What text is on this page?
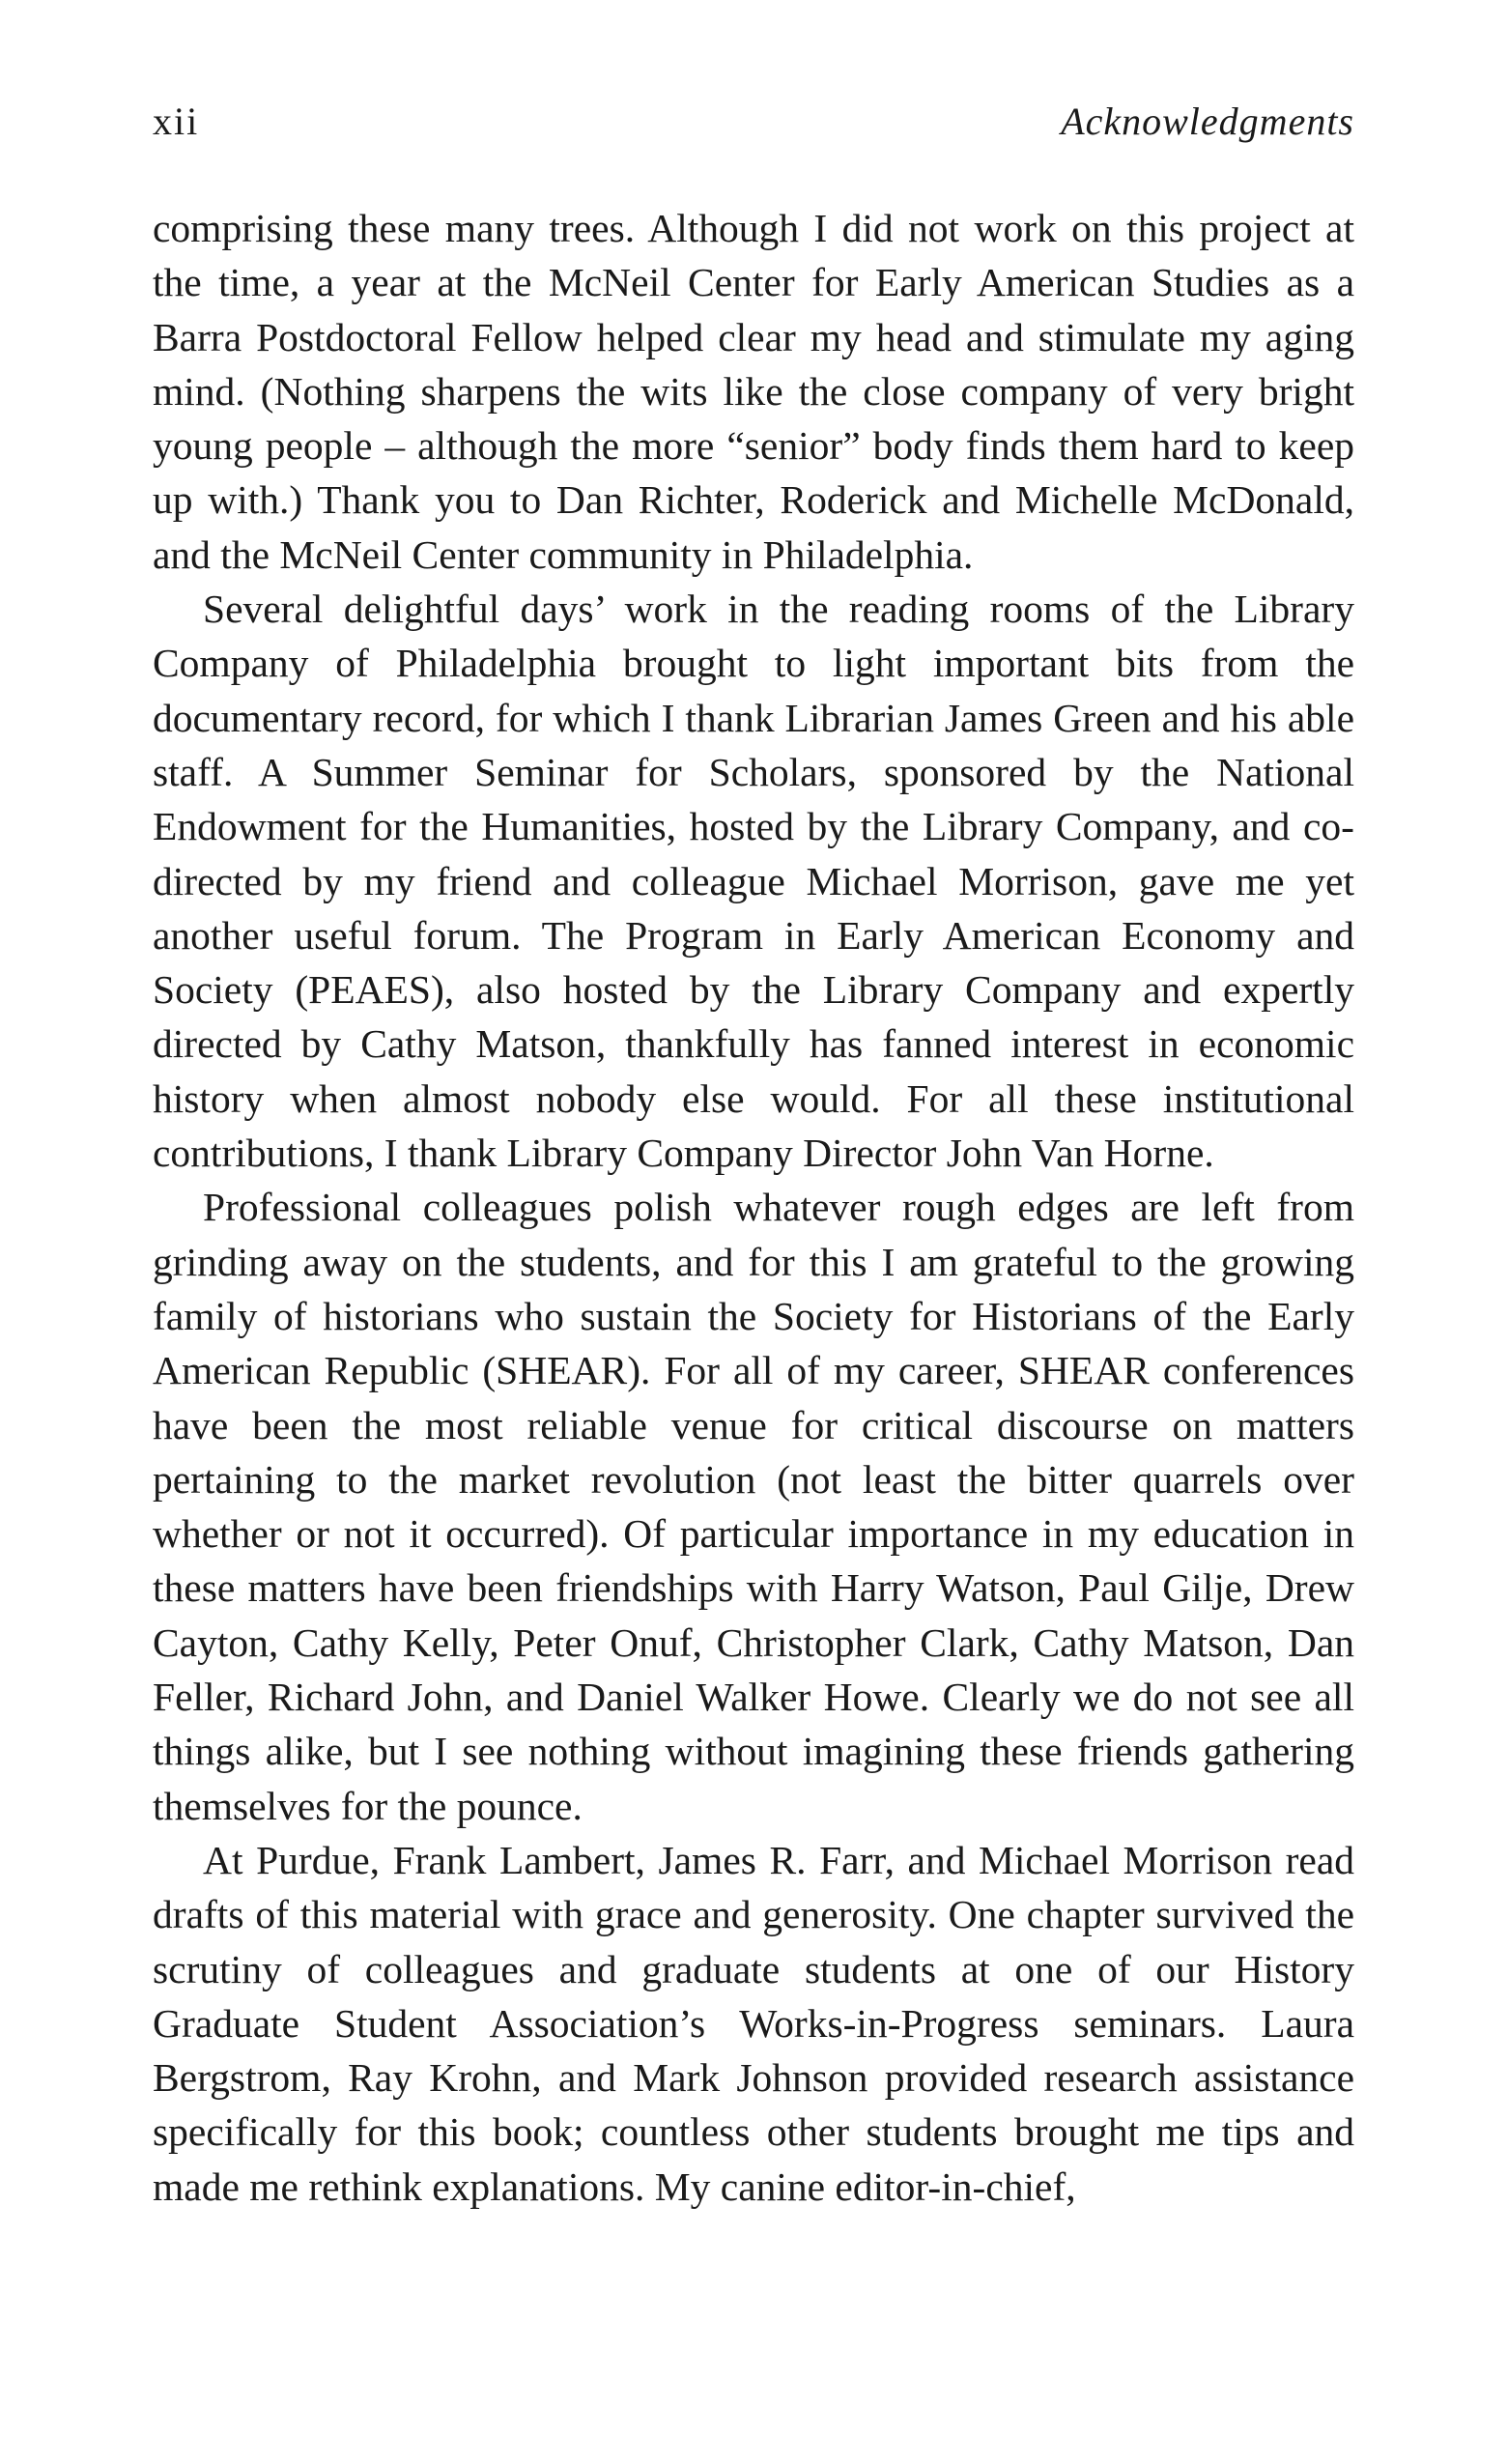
xii	Acknowledgments

comprising these many trees. Although I did not work on this project at the time, a year at the McNeil Center for Early American Studies as a Barra Postdoctoral Fellow helped clear my head and stimulate my aging mind. (Nothing sharpens the wits like the close company of very bright young people – although the more “senior” body finds them hard to keep up with.) Thank you to Dan Richter, Roderick and Michelle McDonald, and the McNeil Center community in Philadelphia.

Several delightful days’ work in the reading rooms of the Library Company of Philadelphia brought to light important bits from the documentary record, for which I thank Librarian James Green and his able staff. A Summer Seminar for Scholars, sponsored by the National Endowment for the Humanities, hosted by the Library Company, and co-directed by my friend and colleague Michael Morrison, gave me yet another useful forum. The Program in Early American Economy and Society (PEAES), also hosted by the Library Company and expertly directed by Cathy Matson, thankfully has fanned interest in economic history when almost nobody else would. For all these institutional contributions, I thank Library Company Director John Van Horne.

Professional colleagues polish whatever rough edges are left from grinding away on the students, and for this I am grateful to the growing family of historians who sustain the Society for Historians of the Early American Republic (SHEAR). For all of my career, SHEAR conferences have been the most reliable venue for critical discourse on matters pertaining to the market revolution (not least the bitter quarrels over whether or not it occurred). Of particular importance in my education in these matters have been friendships with Harry Watson, Paul Gilje, Drew Cayton, Cathy Kelly, Peter Onuf, Christopher Clark, Cathy Matson, Dan Feller, Richard John, and Daniel Walker Howe. Clearly we do not see all things alike, but I see nothing without imagining these friends gathering themselves for the pounce.

At Purdue, Frank Lambert, James R. Farr, and Michael Morrison read drafts of this material with grace and generosity. One chapter survived the scrutiny of colleagues and graduate students at one of our History Graduate Student Association’s Works-in-Progress seminars. Laura Bergstrom, Ray Krohn, and Mark Johnson provided research assistance specifically for this book; countless other students brought me tips and made me rethink explanations. My canine editor-in-chief,
